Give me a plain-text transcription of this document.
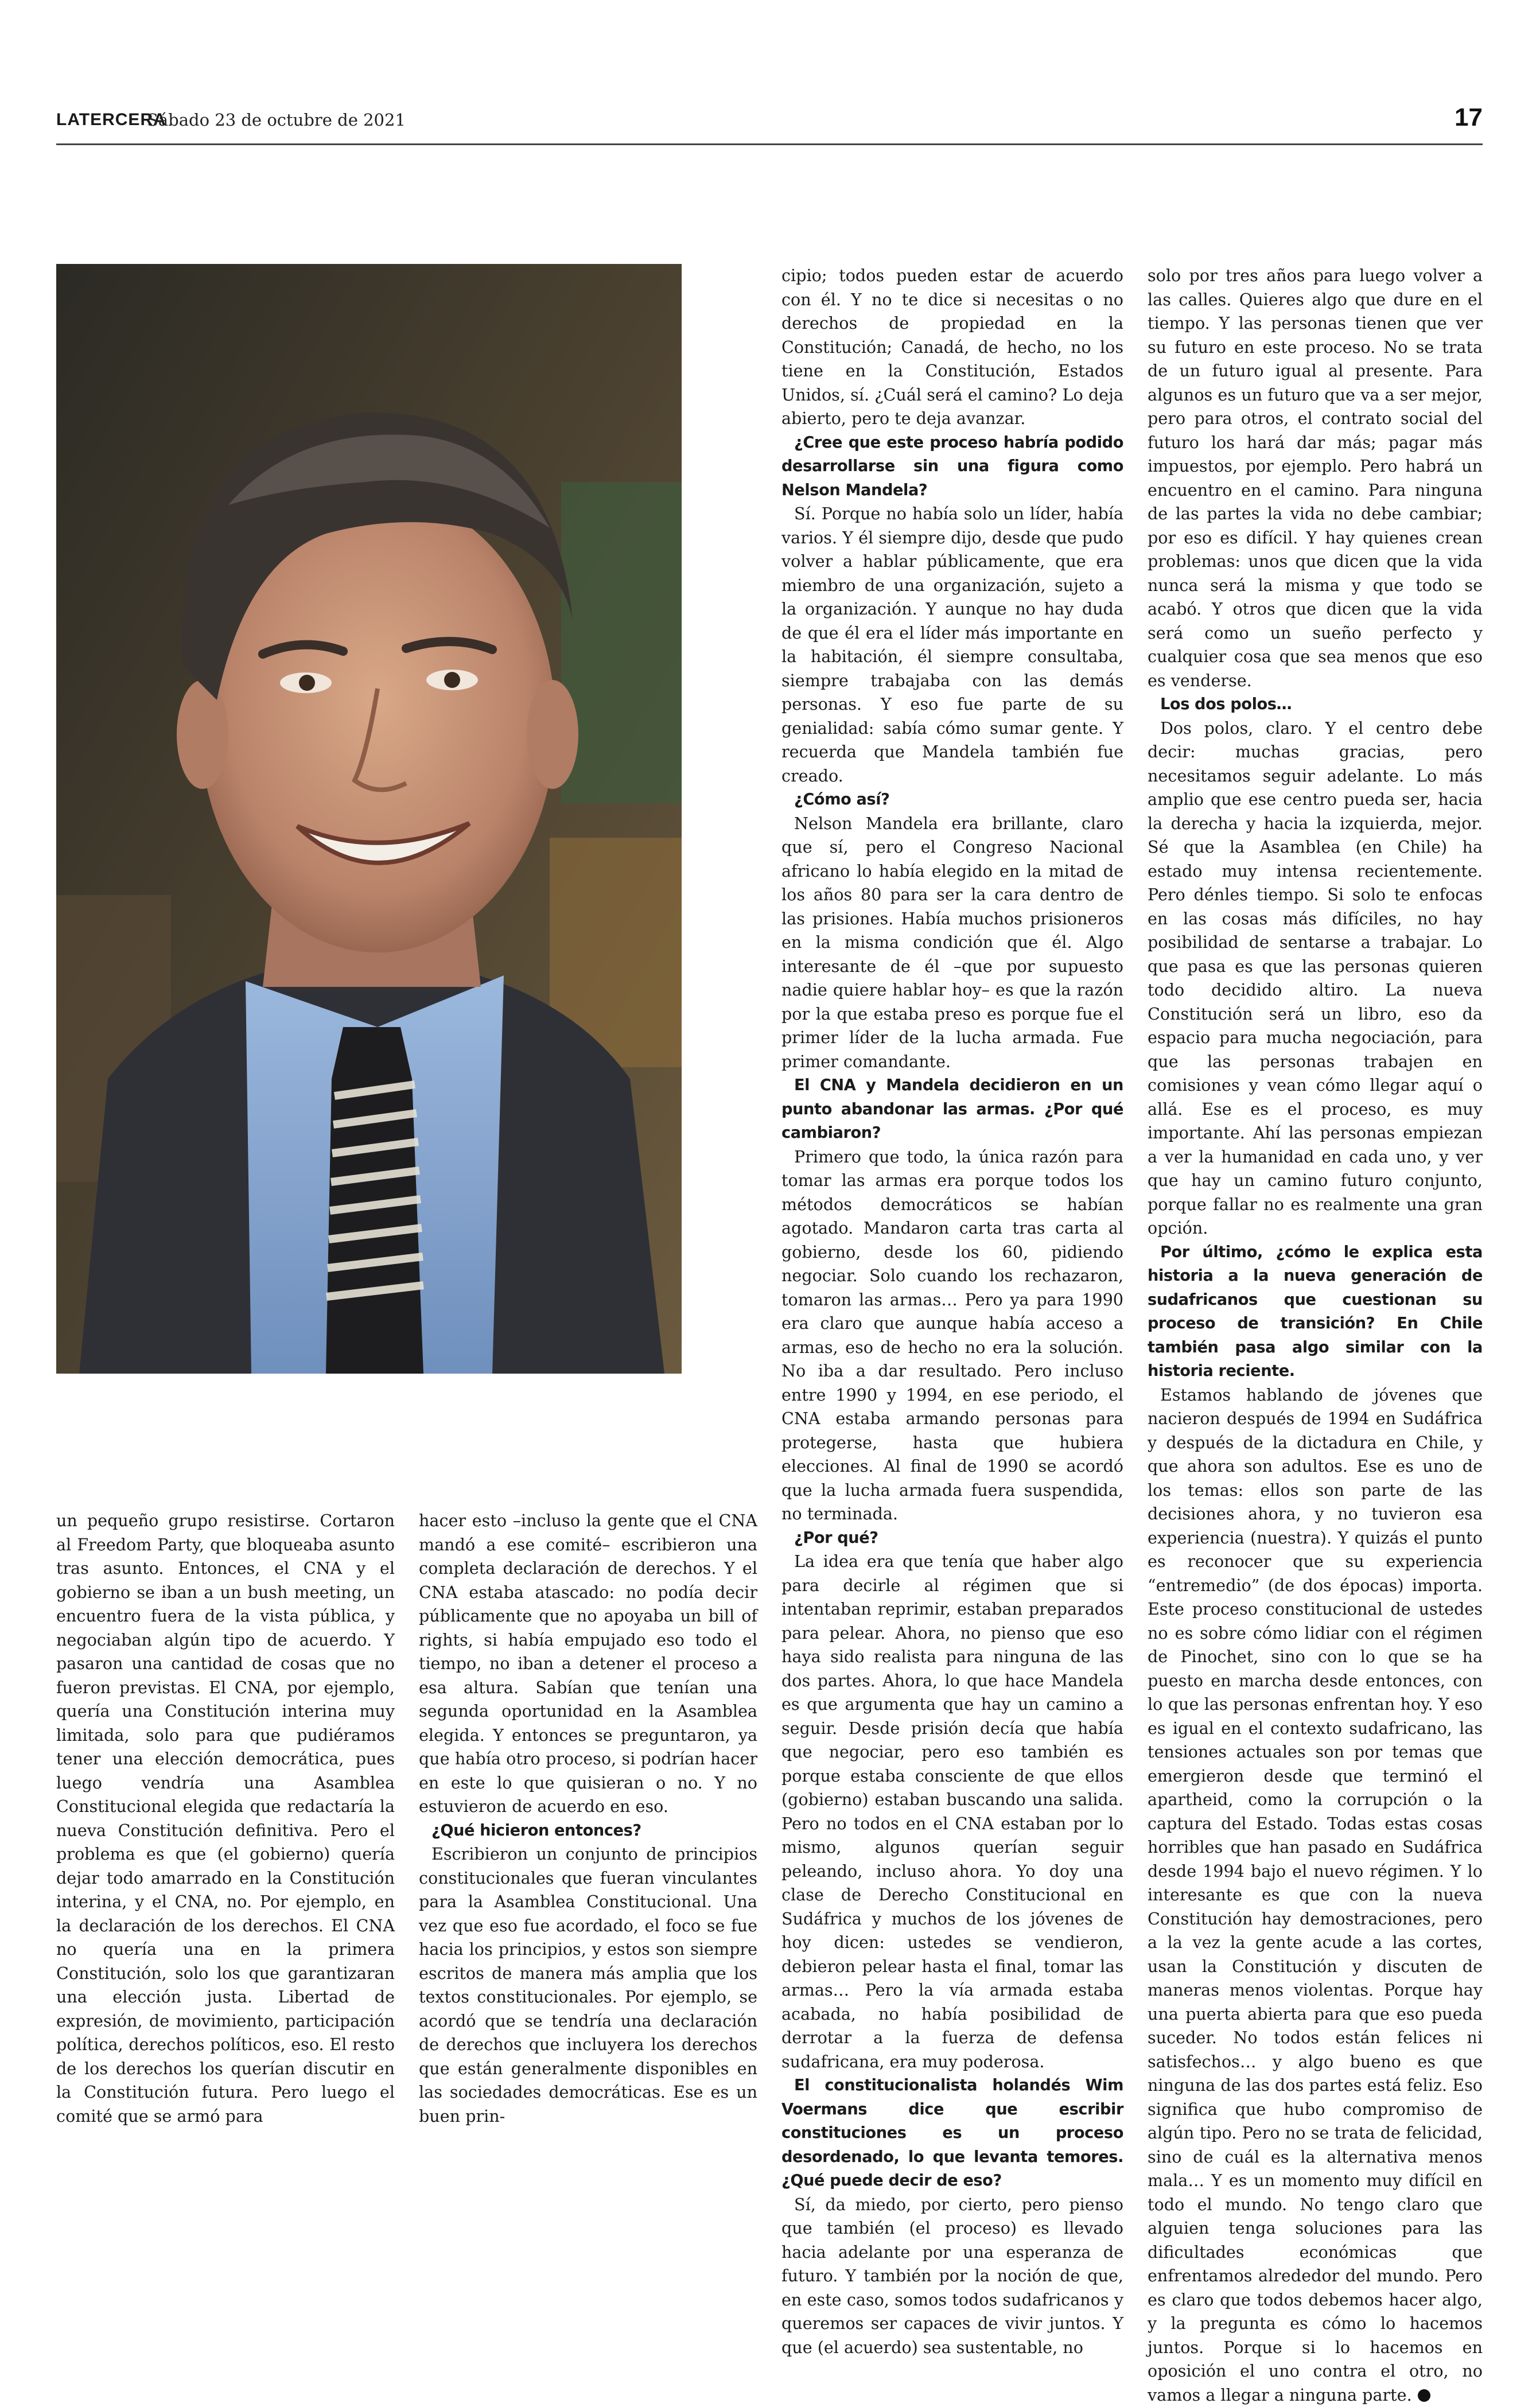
LATERCERA
Sábado 23 de octubre de 2021	17

un pequeño grupo resistirse. Cortaron al Freedom Party, que bloqueaba asunto tras asunto. Entonces, el CNA y el gobierno se iban a un bush meeting, un encuentro fuera de la vista pública, y negociaban algún tipo de acuerdo. Y pasaron una cantidad de cosas que no fueron previstas. El CNA, por ejemplo, quería una Constitución interina muy limitada, solo para que pudiéramos tener una elección democrática, pues luego vendría una Asamblea Constitucional elegida que redactaría la nueva Constitución definitiva. Pero el problema es que (el gobierno) quería dejar todo amarrado en la Constitución interina, y el CNA, no. Por ejemplo, en la declaración de los derechos. El CNA no quería una en la primera Constitución, solo los que garantizaran una elección justa. Libertad de expresión, de movimiento, participación política, derechos políticos, eso. El resto de los derechos los querían discutir en la Constitución futura. Pero luego el comité que se armó para

hacer esto –incluso la gente que el CNA mandó a ese comité– escribieron una completa declaración de derechos. Y el CNA estaba atascado: no podía decir públicamente que no apoyaba un bill of rights, si había empujado eso todo el tiempo, no iban a detener el proceso a esa altura. Sabían que tenían una segunda oportunidad en la Asamblea elegida. Y entonces se preguntaron, ya que había otro proceso, si podrían hacer en este lo que quisieran o no. Y no estuvieron de acuerdo en eso.

¿Qué hicieron entonces?

Escribieron un conjunto de principios constitucionales que fueran vinculantes para la Asamblea Constitucional. Una vez que eso fue acordado, el foco se fue hacia los principios, y estos son siempre escritos de manera más amplia que los textos constitucionales. Por ejemplo, se acordó que se tendría una declaración de derechos que incluyera los derechos que están generalmente disponibles en las sociedades democráticas. Ese es un buen prin-

cipio; todos pueden estar de acuerdo con él. Y no te dice si necesitas o no derechos de propiedad en la Constitución; Canadá, de hecho, no los tiene en la Constitución, Estados Unidos, sí. ¿Cuál será el camino? Lo deja abierto, pero te deja avanzar.

¿Cree que este proceso habría podido desarrollarse sin una figura como Nelson Mandela?

Sí. Porque no había solo un líder, había varios. Y él siempre dijo, desde que pudo volver a hablar públicamente, que era miembro de una organización, sujeto a la organización. Y aunque no hay duda de que él era el líder más importante en la habitación, él siempre consultaba, siempre trabajaba con las demás personas. Y eso fue parte de su genialidad: sabía cómo sumar gente. Y recuerda que Mandela también fue creado.

¿Cómo así?

Nelson Mandela era brillante, claro que sí, pero el Congreso Nacional africano lo había elegido en la mitad de los años 80 para ser la cara dentro de las prisiones. Había muchos prisioneros en la misma condición que él. Algo interesante de él –que por supuesto nadie quiere hablar hoy– es que la razón por la que estaba preso es porque fue el primer líder de la lucha armada. Fue primer comandante.

El CNA y Mandela decidieron en un punto abandonar las armas. ¿Por qué cambiaron?

Primero que todo, la única razón para tomar las armas era porque todos los métodos democráticos se habían agotado. Mandaron carta tras carta al gobierno, desde los 60, pidiendo negociar. Solo cuando los rechazaron, tomaron las armas… Pero ya para 1990 era claro que aunque había acceso a armas, eso de hecho no era la solución. No iba a dar resultado. Pero incluso entre 1990 y 1994, en ese periodo, el CNA estaba armando personas para protegerse, hasta que hubiera elecciones. Al final de 1990 se acordó que la lucha armada fuera suspendida, no terminada.

¿Por qué?

La idea era que tenía que haber algo para decirle al régimen que si intentaban reprimir, estaban preparados para pelear. Ahora, no pienso que eso haya sido realista para ninguna de las dos partes. Ahora, lo que hace Mandela es que argumenta que hay un camino a seguir. Desde prisión decía que había que negociar, pero eso también es porque estaba consciente de que ellos (gobierno) estaban buscando una salida. Pero no todos en el CNA estaban por lo mismo, algunos querían seguir peleando, incluso ahora. Yo doy una clase de Derecho Constitucional en Sudáfrica y muchos de los jóvenes de hoy dicen: ustedes se vendieron, debieron pelear hasta el final, tomar las armas… Pero la vía armada estaba acabada, no había posibilidad de derrotar a la fuerza de defensa sudafricana, era muy poderosa.

El constitucionalista holandés Wim Voermans dice que escribir constituciones es un proceso desordenado, lo que levanta temores. ¿Qué puede decir de eso?

Sí, da miedo, por cierto, pero pienso que también (el proceso) es llevado hacia adelante por una esperanza de futuro. Y también por la noción de que, en este caso, somos todos sudafricanos y queremos ser capaces de vivir juntos. Y que (el acuerdo) sea sustentable, no

solo por tres años para luego volver a las calles. Quieres algo que dure en el tiempo. Y las personas tienen que ver su futuro en este proceso. No se trata de un futuro igual al presente. Para algunos es un futuro que va a ser mejor, pero para otros, el contrato social del futuro los hará dar más; pagar más impuestos, por ejemplo. Pero habrá un encuentro en el camino. Para ninguna de las partes la vida no debe cambiar; por eso es difícil. Y hay quienes crean problemas: unos que dicen que la vida nunca será la misma y que todo se acabó. Y otros que dicen que la vida será como un sueño perfecto y cualquier cosa que sea menos que eso es venderse.

Los dos polos…

Dos polos, claro. Y el centro debe decir: muchas gracias, pero necesitamos seguir adelante. Lo más amplio que ese centro pueda ser, hacia la derecha y hacia la izquierda, mejor. Sé que la Asamblea (en Chile) ha estado muy intensa recientemente. Pero dénles tiempo. Si solo te enfocas en las cosas más difíciles, no hay posibilidad de sentarse a trabajar. Lo que pasa es que las personas quieren todo decidido altiro. La nueva Constitución será un libro, eso da espacio para mucha negociación, para que las personas trabajen en comisiones y vean cómo llegar aquí o allá. Ese es el proceso, es muy importante. Ahí las personas empiezan a ver la humanidad en cada uno, y ver que hay un camino futuro conjunto, porque fallar no es realmente una gran opción.

Por último, ¿cómo le explica esta historia a la nueva generación de sudafricanos que cuestionan su proceso de transición? En Chile también pasa algo similar con la historia reciente.

Estamos hablando de jóvenes que nacieron después de 1994 en Sudáfrica y después de la dictadura en Chile, y que ahora son adultos. Ese es uno de los temas: ellos son parte de las decisiones ahora, y no tuvieron esa experiencia (nuestra). Y quizás el punto es reconocer que su experiencia “entremedio” (de dos épocas) importa. Este proceso constitucional de ustedes no es sobre cómo lidiar con el régimen de Pinochet, sino con lo que se ha puesto en marcha desde entonces, con lo que las personas enfrentan hoy. Y eso es igual en el contexto sudafricano, las tensiones actuales son por temas que emergieron desde que terminó el apartheid, como la corrupción o la captura del Estado. Todas estas cosas horribles que han pasado en Sudáfrica desde 1994 bajo el nuevo régimen. Y lo interesante es que con la nueva Constitución hay demostraciones, pero a la vez la gente acude a las cortes, usan la Constitución y discuten de maneras menos violentas. Porque hay una puerta abierta para que eso pueda suceder. No todos están felices ni satisfechos… y algo bueno es que ninguna de las dos partes está feliz. Eso significa que hubo compromiso de algún tipo. Pero no se trata de felicidad, sino de cuál es la alternativa menos mala… Y es un momento muy difícil en todo el mundo. No tengo claro que alguien tenga soluciones para las dificultades económicas que enfrentamos alrededor del mundo. Pero es claro que todos debemos hacer algo, y la pregunta es cómo lo hacemos juntos. Porque si lo hacemos en oposición el uno contra el otro, no vamos a llegar a ninguna parte.
